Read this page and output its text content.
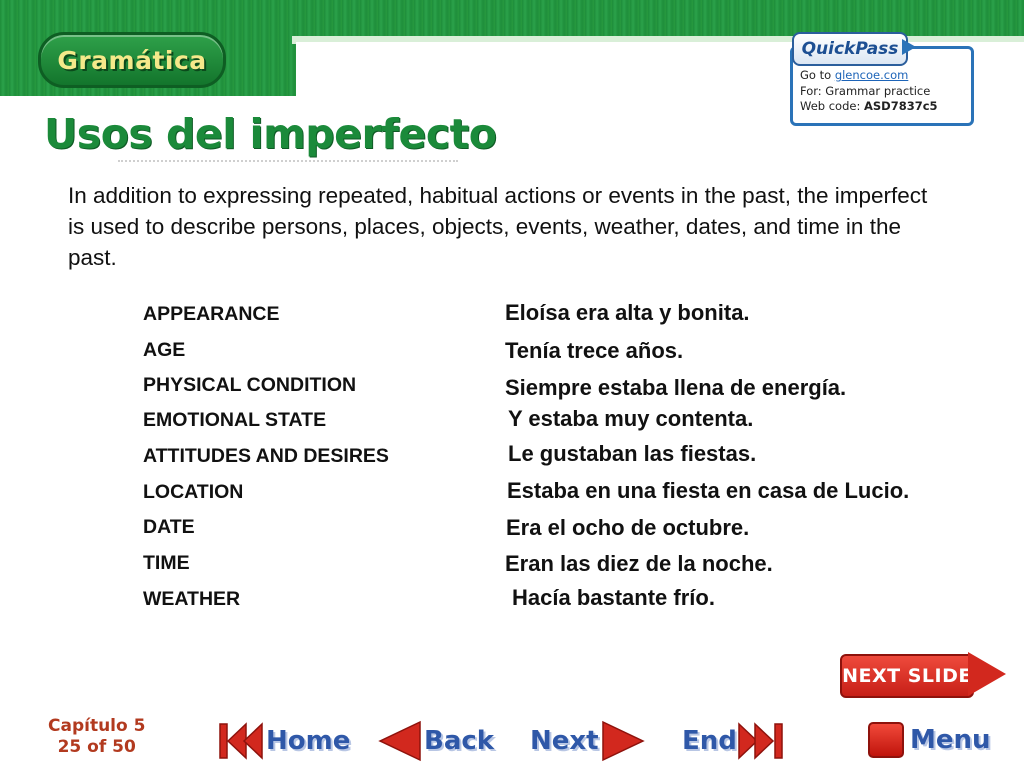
Gramática
Usos del imperfecto
QuickPass
Go to glencoe.com
For: Grammar practice
Web code: ASD7837c5
In addition to expressing repeated, habitual actions or events in the past, the imperfect is used to describe persons, places, objects, events, weather, dates, and time in the past.
APPEARANCE	Eloísa era alta y bonita.
AGE	Tenía trece años.
PHYSICAL CONDITION	Siempre estaba llena de energía.
EMOTIONAL STATE	Y estaba muy contenta.
ATTITUDES AND DESIRES	Le gustaban las fiestas.
LOCATION	Estaba en una fiesta en casa de Lucio.
DATE	Era el ocho de octubre.
TIME	Eran las diez de la noche.
WEATHER	Hacía bastante frío.
NEXT SLIDE
Capítulo 5
25 of 50	Home	Back Next	End	Menu
